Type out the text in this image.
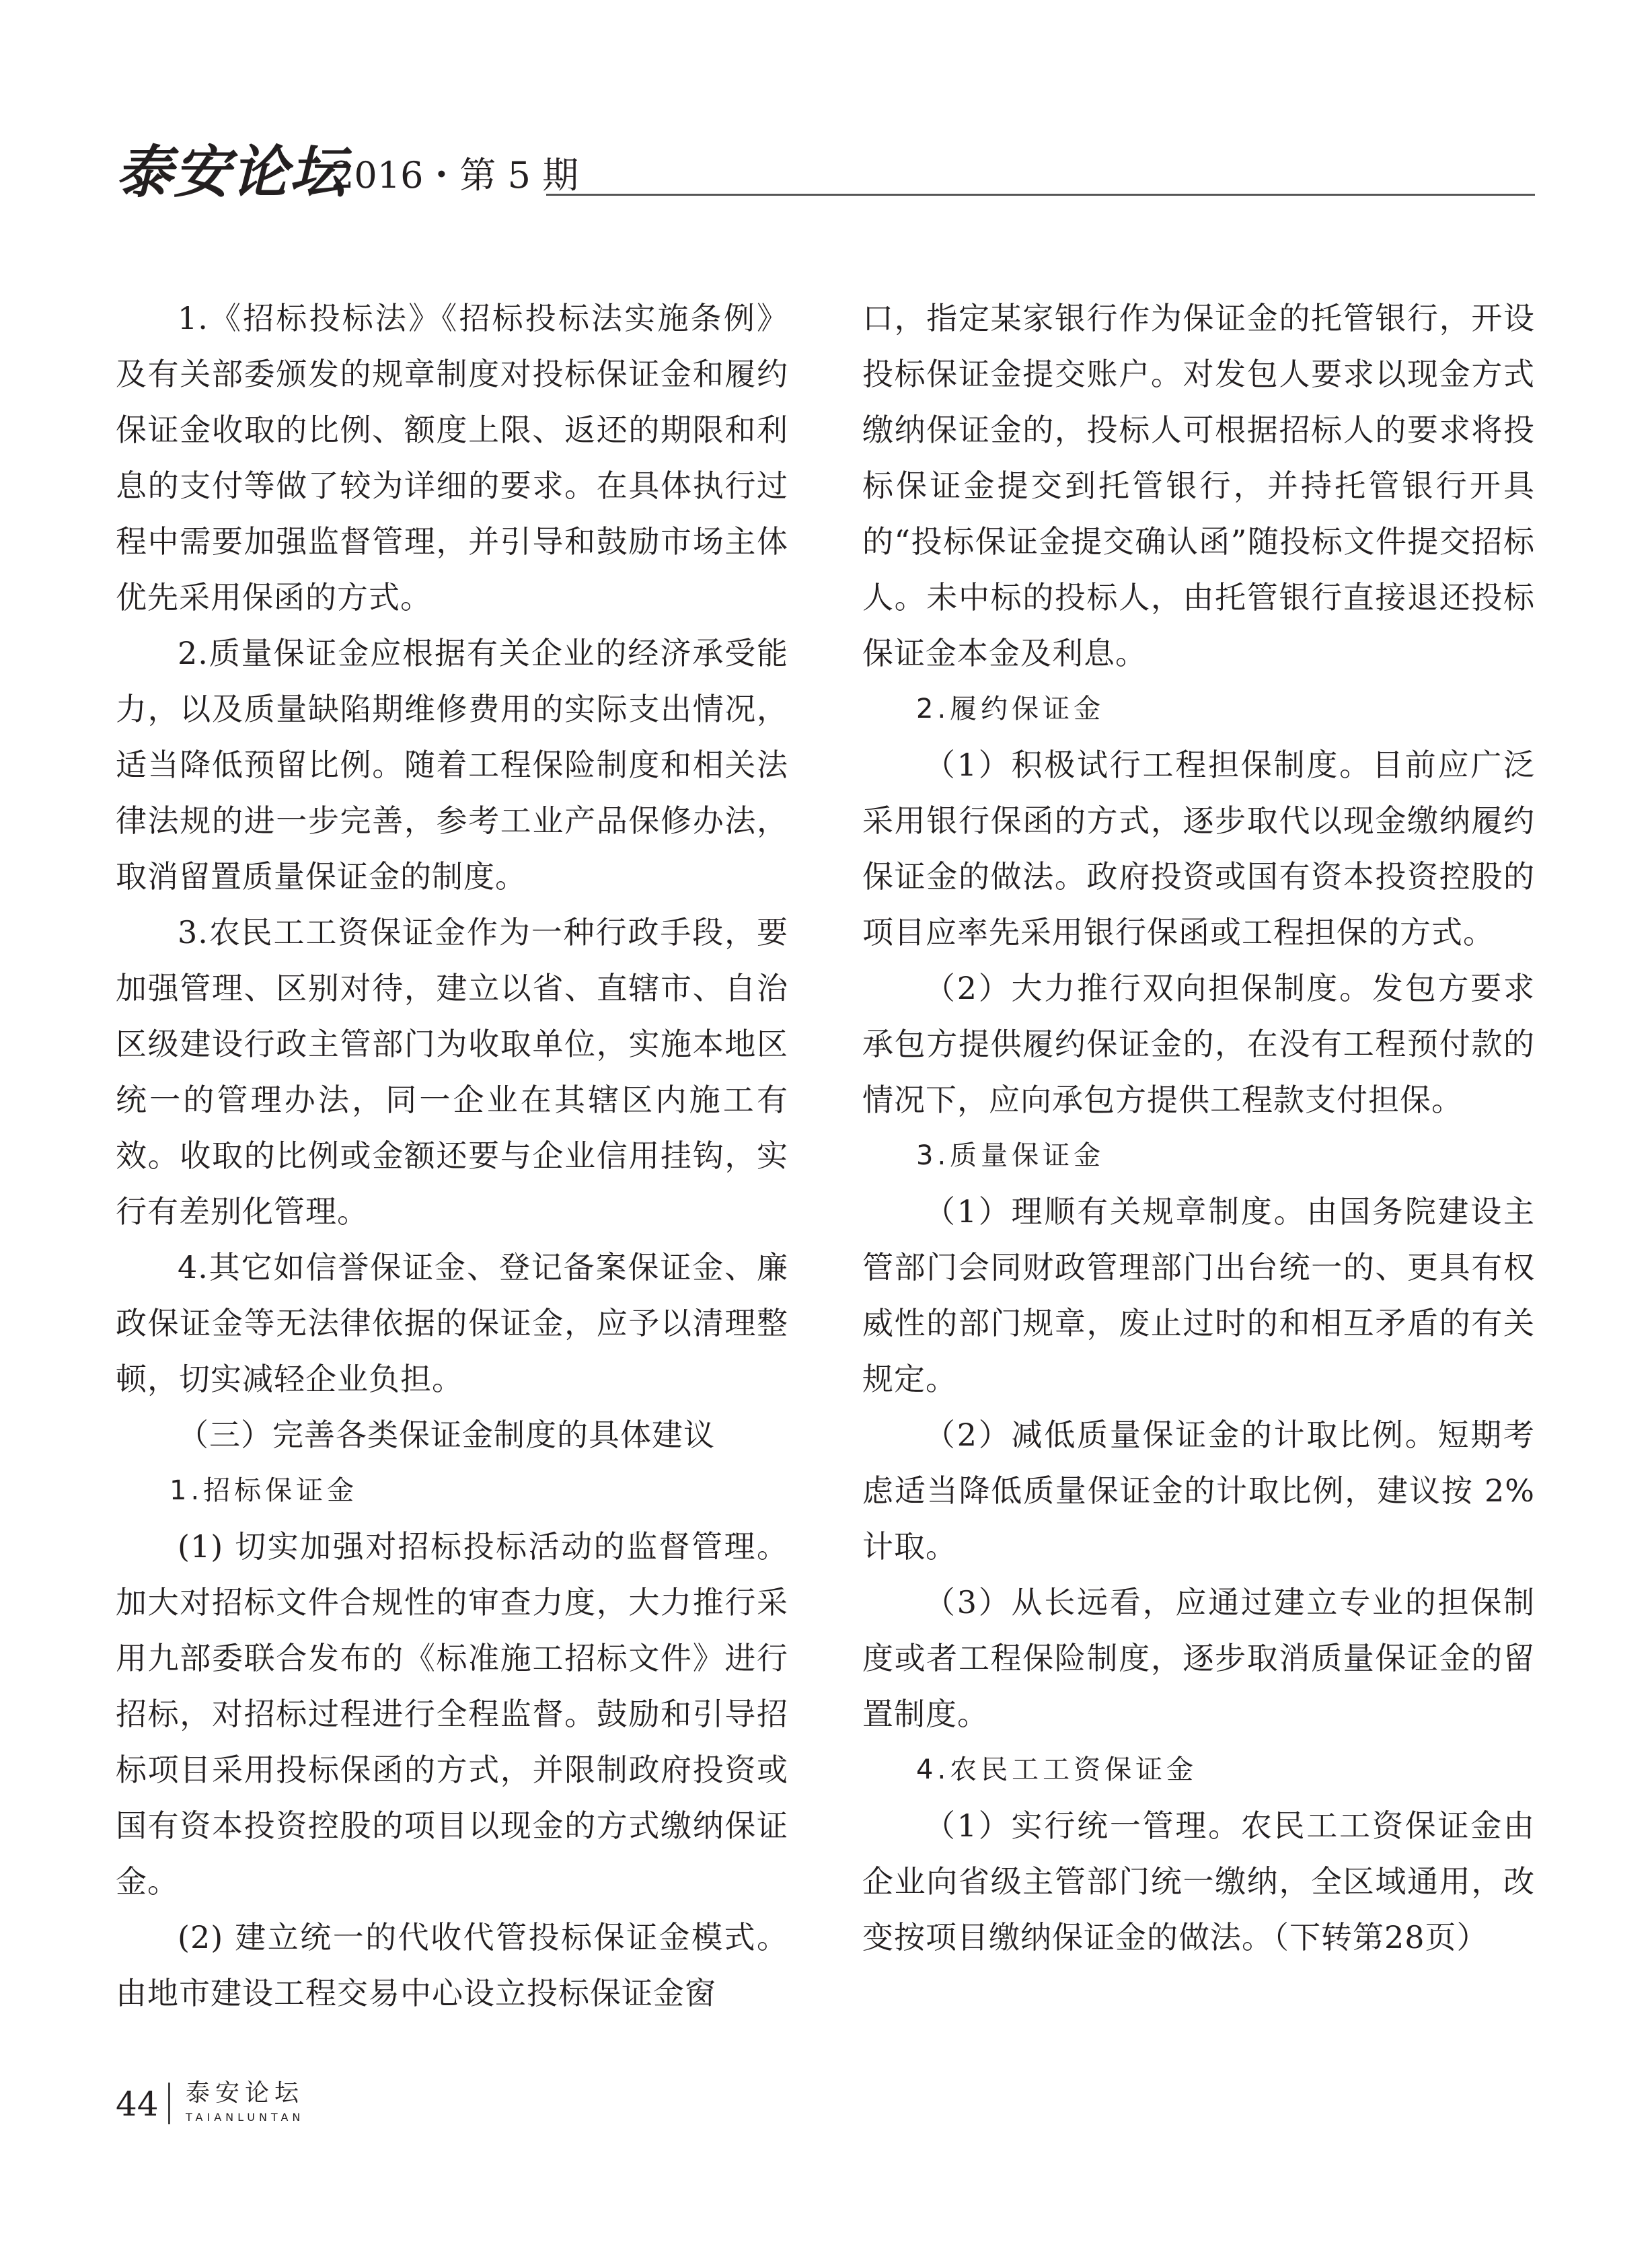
泰安论坛
2016・第 5 期

1.《招标投标法》《招标投标法实施条例》及有关部委颁发的规章制度对投标保证金和履约保证金收取的比例、额度上限、返还的期限和利息的支付等做了较为详细的要求。在具体执行过程中需要加强监督管理，并引导和鼓励市场主体优先采用保函的方式。

2.质量保证金应根据有关企业的经济承受能力，以及质量缺陷期维修费用的实际支出情况，适当降低预留比例。随着工程保险制度和相关法律法规的进一步完善，参考工业产品保修办法，取消留置质量保证金的制度。

3.农民工工资保证金作为一种行政手段，要加强管理、区别对待，建立以省、直辖市、自治区级建设行政主管部门为收取单位，实施本地区统一的管理办法，同一企业在其辖区内施工有效。收取的比例或金额还要与企业信用挂钩，实行有差别化管理。

4.其它如信誉保证金、登记备案保证金、廉政保证金等无法律依据的保证金，应予以清理整顿，切实减轻企业负担。

（三）完善各类保证金制度的具体建议

1.招标保证金

(1) 切实加强对招标投标活动的监督管理。加大对招标文件合规性的审查力度，大力推行采用九部委联合发布的《标准施工招标文件》进行招标，对招标过程进行全程监督。鼓励和引导招标项目采用投标保函的方式，并限制政府投资或国有资本投资控股的项目以现金的方式缴纳保证金。

(2) 建立统一的代收代管投标保证金模式。由地市建设工程交易中心设立投标保证金窗

口，指定某家银行作为保证金的托管银行，开设投标保证金提交账户。对发包人要求以现金方式缴纳保证金的，投标人可根据招标人的要求将投标保证金提交到托管银行，并持托管银行开具的“投标保证金提交确认函”随投标文件提交招标人。未中标的投标人，由托管银行直接退还投标保证金本金及利息。

2.履约保证金

（1）积极试行工程担保制度。目前应广泛采用银行保函的方式，逐步取代以现金缴纳履约保证金的做法。政府投资或国有资本投资控股的项目应率先采用银行保函或工程担保的方式。

（2）大力推行双向担保制度。发包方要求承包方提供履约保证金的，在没有工程预付款的情况下，应向承包方提供工程款支付担保。

3.质量保证金

（1）理顺有关规章制度。由国务院建设主管部门会同财政管理部门出台统一的、更具有权威性的部门规章，废止过时的和相互矛盾的有关规定。

（2）减低质量保证金的计取比例。短期考虑适当降低质量保证金的计取比例，建议按 2% 计取。

（3）从长远看，应通过建立专业的担保制度或者工程保险制度，逐步取消质量保证金的留置制度。

4.农民工工资保证金

（1）实行统一管理。农民工工资保证金由企业向省级主管部门统一缴纳，全区域通用，改变按项目缴纳保证金的做法。（下转第28页）

44 泰安论坛
TAIANLUNTAN
